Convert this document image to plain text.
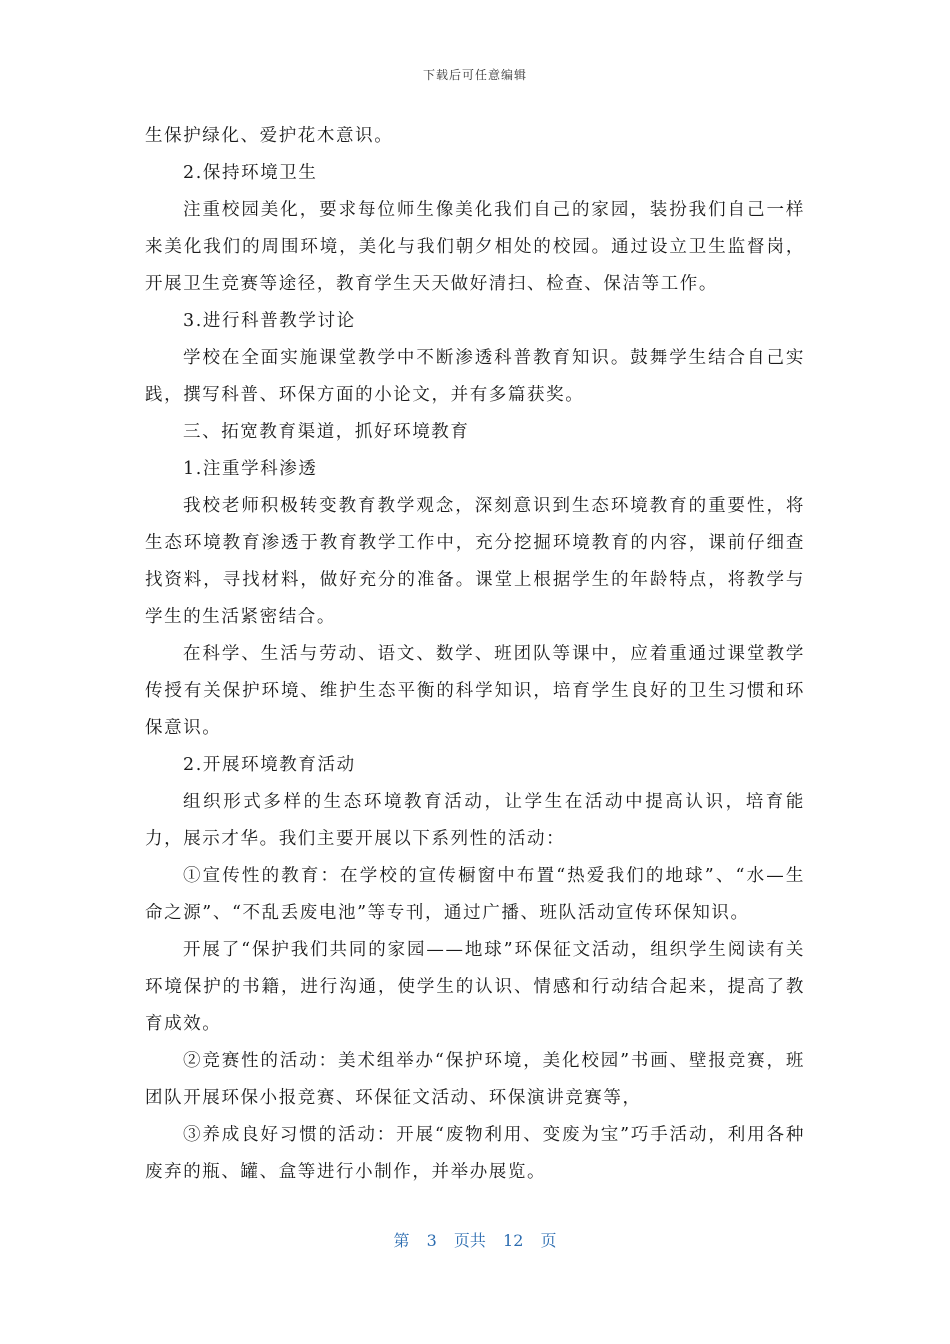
下载后可任意编辑

生保护绿化、爱护花木意识。

2.保持环境卫生

注重校园美化，要求每位师生像美化我们自己的家园，装扮我们自己一样来美化我们的周围环境，美化与我们朝夕相处的校园。通过设立卫生监督岗，开展卫生竞赛等途径，教育学生天天做好清扫、检查、保洁等工作。

3.进行科普教学讨论

学校在全面实施课堂教学中不断渗透科普教育知识。鼓舞学生结合自己实践，撰写科普、环保方面的小论文，并有多篇获奖。

三、拓宽教育渠道，抓好环境教育

1.注重学科渗透

我校老师积极转变教育教学观念，深刻意识到生态环境教育的重要性，将生态环境教育渗透于教育教学工作中，充分挖掘环境教育的内容，课前仔细查找资料，寻找材料，做好充分的准备。课堂上根据学生的年龄特点，将教学与学生的生活紧密结合。

在科学、生活与劳动、语文、数学、班团队等课中，应着重通过课堂教学传授有关保护环境、维护生态平衡的科学知识，培育学生良好的卫生习惯和环保意识。

2.开展环境教育活动

组织形式多样的生态环境教育活动，让学生在活动中提高认识，培育能力，展示才华。我们主要开展以下系列性的活动：

①宣传性的教育：在学校的宣传橱窗中布置“热爱我们的地球”、“水—生命之源”、“不乱丢废电池”等专刊，通过广播、班队活动宣传环保知识。

开展了“保护我们共同的家园——地球”环保征文活动，组织学生阅读有关环境保护的书籍，进行沟通，使学生的认识、情感和行动结合起来，提高了教育成效。

②竞赛性的活动：美术组举办“保护环境，美化校园”书画、壁报竞赛，班团队开展环保小报竞赛、环保征文活动、环保演讲竞赛等，

③养成良好习惯的活动：开展“废物利用、变废为宝”巧手活动，利用各种废弃的瓶、罐、盒等进行小制作，并举办展览。

第 3 页共 12 页
